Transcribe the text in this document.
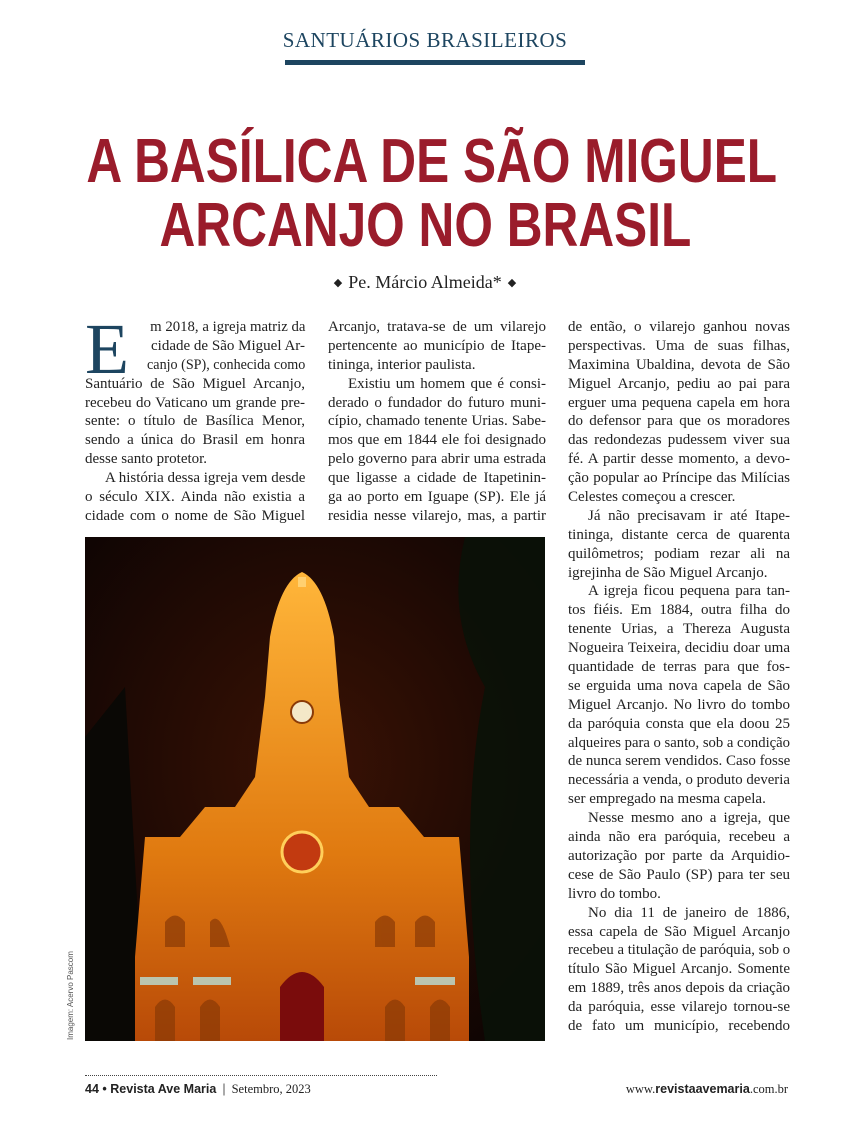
SANTUÁRIOS BRASILEIROS
A BASÍLICA DE SÃO MIGUEL
ARCANJO NO BRASIL
◆ Pe. Márcio Almeida* ◆
E	m 2018, a igreja matriz da
cidade de São Miguel Ar-
canjo (SP), conhecida como
Santuário de São Miguel Arcanjo,
recebeu do Vaticano um grande pre-
sente: o título de Basílica Menor,
sendo a única do Brasil em honra
desse santo protetor.
A história dessa igreja vem desde
o século XIX. Ainda não existia a
cidade com o nome de São Miguel
Arcanjo, tratava-se de um vilarejo
pertencente ao município de Itape-
tininga, interior paulista.
Existiu um homem que é consi-
derado o fundador do futuro muni-
cípio, chamado tenente Urias. Sabe-
mos que em 1844 ele foi designado
pelo governo para abrir uma estrada
que ligasse a cidade de Itapetinin-
ga ao porto em Iguape (SP). Ele já
residia nesse vilarejo, mas, a partir
de então, o vilarejo ganhou novas
perspectivas. Uma de suas filhas,
Maximina Ubaldina, devota de São
Miguel Arcanjo, pediu ao pai para
erguer uma pequena capela em hora
do defensor para que os moradores
das redondezas pudessem viver sua
fé. A partir desse momento, a devo-
ção popular ao Príncipe das Milícias
Celestes começou a crescer.
Já não precisavam ir até Itape-
tininga, distante cerca de quarenta
quilômetros; podiam rezar ali na
igrejinha de São Miguel Arcanjo.
A igreja ficou pequena para tan-
tos fiéis. Em 1884, outra filha do
tenente Urias, a Thereza Augusta
Nogueira Teixeira, decidiu doar uma
quantidade de terras para que fos-
se erguida uma nova capela de São
Miguel Arcanjo. No livro do tombo
da paróquia consta que ela doou 25
alqueires para o santo, sob a condição
de nunca serem vendidos. Caso fosse
necessária a venda, o produto deveria
ser empregado na mesma capela.
Nesse mesmo ano a igreja, que
ainda não era paróquia, recebeu a
autorização por parte da Arquidio-
cese de São Paulo (SP) para ter seu
livro do tombo.
No dia 11 de janeiro de 1886,
essa capela de São Miguel Arcanjo
recebeu a titulação de paróquia, sob o
título São Miguel Arcanjo. Somente
em 1889, três anos depois da criação
da paróquia, esse vilarejo tornou-se
de fato um município, recebendo
Imagem: Acervo Pascom
44 • Revista Ave Maria | Setembro, 2023	www.revistaavemaria.com.br
